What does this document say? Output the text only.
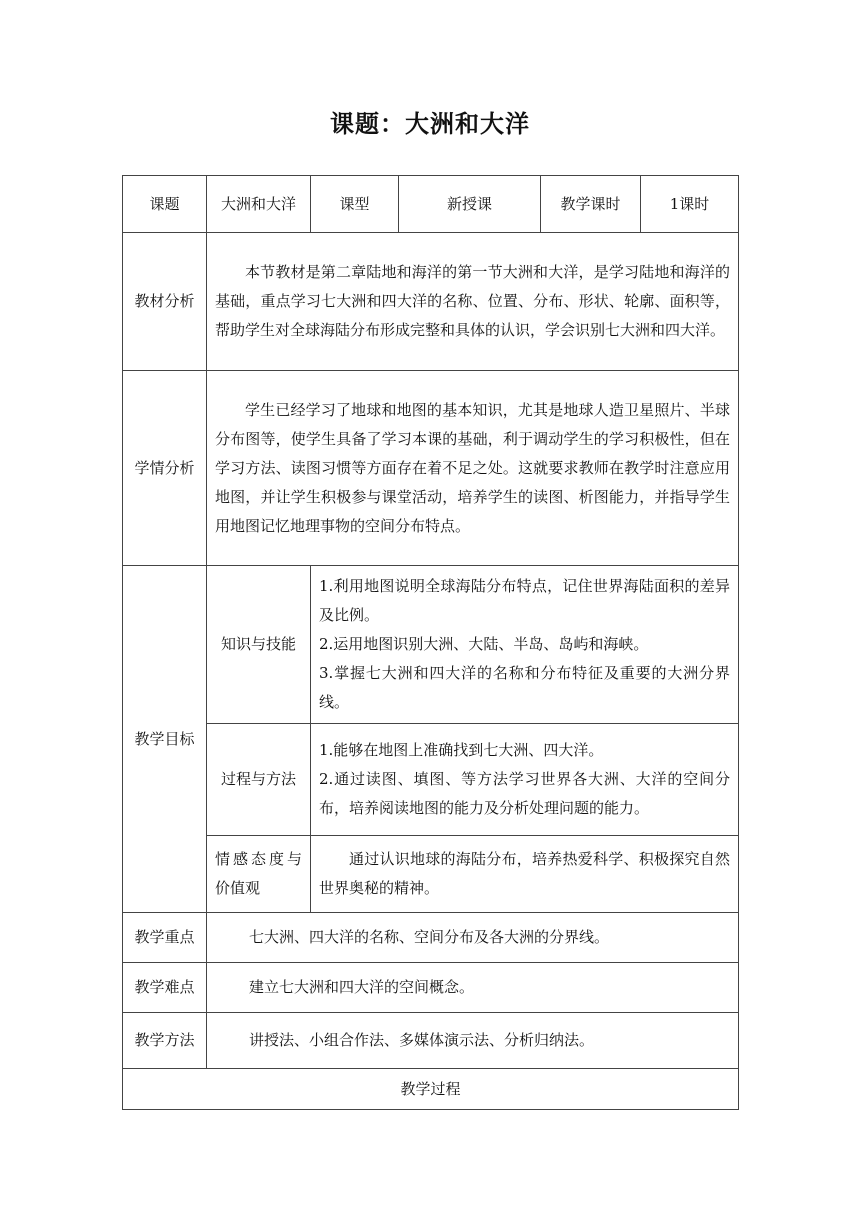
课题：大洲和大洋
课题	大洲和大洋	课型	新授课	教学课时	1课时
教材分析	本节教材是第二章陆地和海洋的第一节大洲和大洋，是学习陆地和海洋的基础，重点学习七大洲和四大洋的名称、位置、分布、形状、轮廓、面积等，帮助学生对全球海陆分布形成完整和具体的认识，学会识别七大洲和四大洋。				
学情分析	学生已经学习了地球和地图的基本知识，尤其是地球人造卫星照片、半球分布图等，使学生具备了学习本课的基础，利于调动学生的学习积极性，但在学习方法、读图习惯等方面存在着不足之处。这就要求教师在教学时注意应用地图，并让学生积极参与课堂活动，培养学生的读图、析图能力，并指导学生用地图记忆地理事物的空间分布特点。				
教学目标	知识与技能	1.利用地图说明全球海陆分布特点，记住世界海陆面积的差异及比例。
2.运用地图识别大洲、大陆、半岛、岛屿和海峡。
3.掌握七大洲和四大洋的名称和分布特征及重要的大洲分界线。			

	过程与方法	1.能够在地图上准确找到七大洲、四大洋。
2.通过读图、填图、等方法学习世界各大洲、大洋的空间分布，培养阅读地图的能力及分析处理问题的能力。			

	情感态度与价值观	通过认识地球的海陆分布，培养热爱科学、积极探究自然世界奥秘的精神。			
教学重点	七大洲、四大洋的名称、空间分布及各大洲的分界线。				
教学难点	建立七大洲和四大洋的空间概念。				
教学方法	讲授法、小组合作法、多媒体演示法、分析归纳法。				
教学过程					
